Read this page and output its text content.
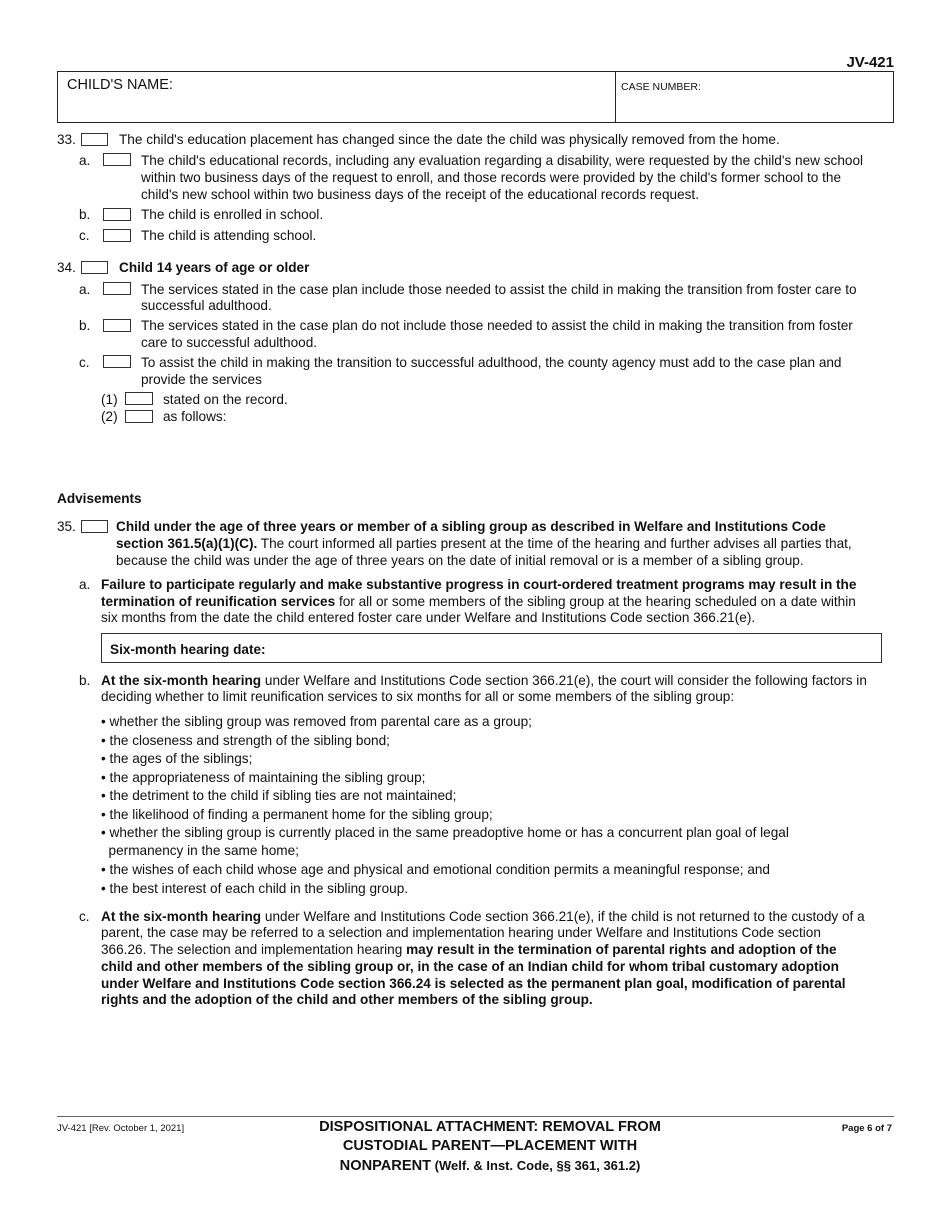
JV-421
CHILD'S NAME:	CASE NUMBER:
33.	The child's education placement has changed since the date the child was physically removed from the home.
a.	The child's educational records, including any evaluation regarding a disability, were requested by the child's new school
within two business days of the request to enroll, and those records were provided by the child's former school to the
child's new school within two business days of the receipt of the educational records request.
b.	The child is enrolled in school.
c.	The child is attending school.
34.	Child 14 years of age or older
a.	The services stated in the case plan include those needed to assist the child in making the transition from foster care to
successful adulthood.
b.	The services stated in the case plan do not include those needed to assist the child in making the transition from foster
care to successful adulthood.
c.	To assist the child in making the transition to successful adulthood, the county agency must add to the case plan and
provide the services
(1)	stated on the record.
(2)	as follows:
Advisements
35.	Child under the age of three years or member of a sibling group as described in Welfare and Institutions Code
section 361.5(a)(1)(C). The court informed all parties present at the time of the hearing and further advises all parties that,
because the child was under the age of three years on the date of initial removal or is a member of a sibling group.
a. Failure to participate regularly and make substantive progress in court-ordered treatment programs may result in the
termination of reunification services for all or some members of the sibling group at the hearing scheduled on a date within
six months from the date the child entered foster care under Welfare and Institutions Code section 366.21(e).
Six-month hearing date:
b. At the six-month hearing under Welfare and Institutions Code section 366.21(e), the court will consider the following factors in
deciding whether to limit reunification services to six months for all or some members of the sibling group:
• whether the sibling group was removed from parental care as a group;
• the closeness and strength of the sibling bond;
• the ages of the siblings;
• the appropriateness of maintaining the sibling group;
• the detriment to the child if sibling ties are not maintained;
• the likelihood of finding a permanent home for the sibling group;
• whether the sibling group is currently placed in the same preadoptive home or has a concurrent plan goal of legal
permanency in the same home;
• the wishes of each child whose age and physical and emotional condition permits a meaningful response; and
• the best interest of each child in the sibling group.
c. At the six-month hearing under Welfare and Institutions Code section 366.21(e), if the child is not returned to the custody of a
parent, the case may be referred to a selection and implementation hearing under Welfare and Institutions Code section
366.26. The selection and implementation hearing may result in the termination of parental rights and adoption of the
child and other members of the sibling group or, in the case of an Indian child for whom tribal customary adoption
under Welfare and Institutions Code section 366.24 is selected as the permanent plan goal, modification of parental
rights and the adoption of the child and other members of the sibling group.
JV-421 [Rev. October 1, 2021]	DISPOSITIONAL ATTACHMENT: REMOVAL FROM
CUSTODIAL PARENT—PLACEMENT WITH
NONPARENT (Welf. & Inst. Code, §§ 361, 361.2)
Page 6 of 7
